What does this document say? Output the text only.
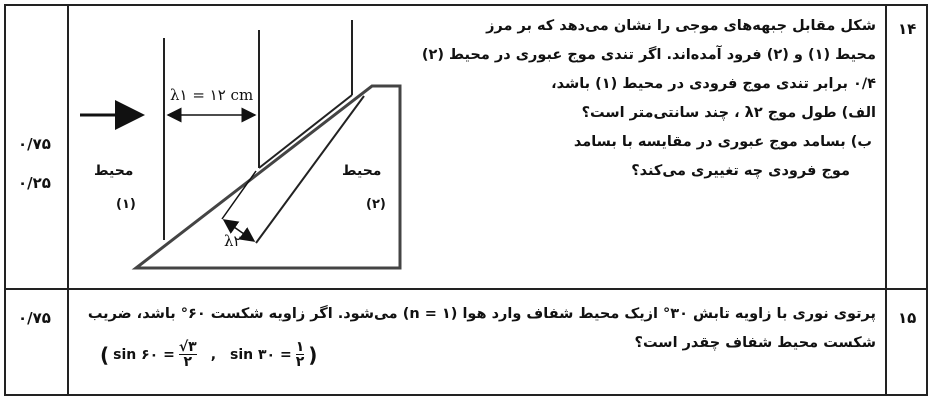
۱۴
۰/۷۵
۰/۲۵
شکل مقابل جبهه‌های موجی را نشان می‌دهد که بر مرز
محیط (۱) و (۲) فرود آمده‌اند. اگر تندی موج عبوری در محیط (۲)
۰/۴ برابر تندی موج فرودی در محیط (۱) باشد،
الف) طول موج λ۲ ، چند سانتی‌متر است؟
ب) بسامد موج عبوری در مقایسه با بسامد
موج فرودی چه تغییری می‌کند؟
λ۱ = ۱۲ cm
λ۲
محیط
(۱)
محیط
(۲)
۱۵
۰/۷۵	پرتوی نوری با زاویه تابش ۳۰° ازیک محیط شفاف وارد هوا (n = ۱) می‌شود. اگر زاویه شکست ۶۰° باشد، ضریب
شکست محیط شفاف چقدر است؟
( sin ۶۰ = $\frac{√۳}{۲}$ , sin ۳۰ = $\frac{۱}{۲}$ )
